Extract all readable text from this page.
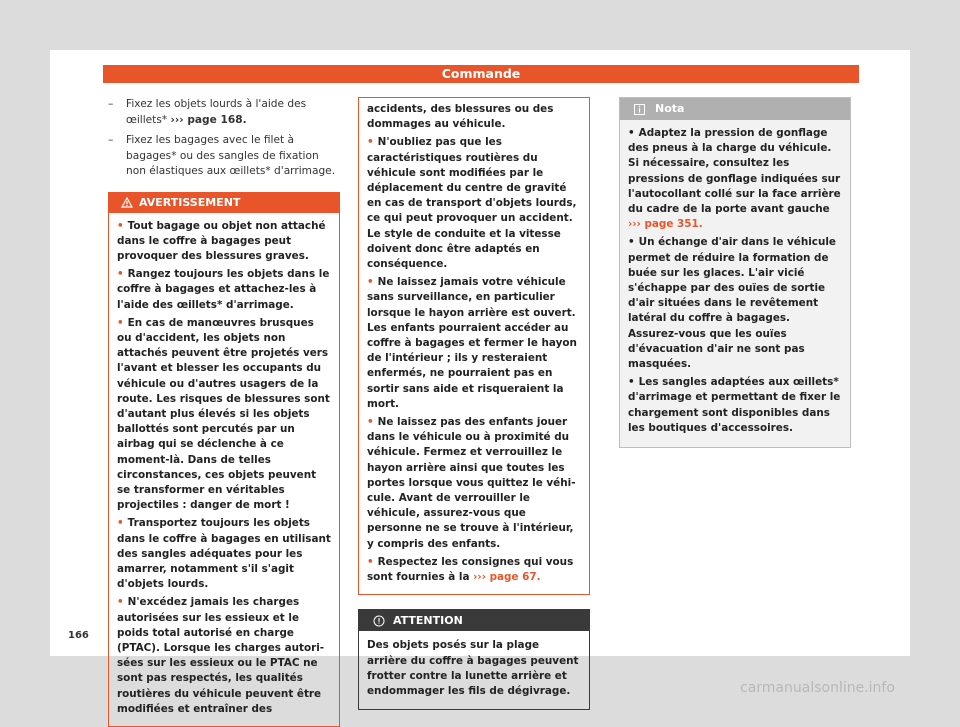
Commande
– Fixez les objets lourds à l'aide des œillets* ››› page 168.
– Fixez les bagages avec le filet à bagages* ou des sangles de fixation non élastiques aux œillets* d'arrimage.
AVERTISSEMENT

• Tout bagage ou objet non attaché dans le coffre à bagages peut provoquer des blessures graves.

• Rangez toujours les objets dans le coffre à bagages et attachez-les à l'aide des œillets* d'arrimage.

• En cas de manœuvres brusques ou d'accident, les objets non attachés peuvent être projetés vers l'avant et blesser les occupants du véhicule ou d'autres usagers de la route. Les risques de blessures sont d'autant plus élevés si les objets ballottés sont percutés par un airbag qui se déclenche à ce moment-là. Dans de telles circonstances, ces objets peuvent se transformer en véritables projectiles : danger de mort !

• Transportez toujours les objets dans le coffre à bagages en utilisant des sangles adéquates pour les amarrer, notamment s'il s'agit d'objets lourds.

• N'excédez jamais les charges autorisées sur les essieux et le poids total autorisé en charge (PTAC). Lorsque les charges autorisées sur les essieux ou le PTAC ne sont pas respectés, les qualités routières du véhicule peuvent être modifiées et entraîner des

accidents, des blessures ou des dommages au véhicule.

• N'oubliez pas que les caractéristiques routières du véhicule sont modifiées par le déplacement du centre de gravité en cas de transport d'objets lourds, ce qui peut provoquer un accident. Le style de conduite et la vitesse doivent donc être adaptés en conséquence.

• Ne laissez jamais votre véhicule sans surveillance, en particulier lorsque le hayon arrière est ouvert. Les enfants pourraient accéder au coffre à bagages et fermer le hayon de l'intérieur ; ils y resteraient enfermés, ne pourraient pas en sortir sans aide et risqueraient la mort.

• Ne laissez pas des enfants jouer dans le véhicule ou à proximité du véhicule. Fermez et verrouillez le hayon arrière ainsi que toutes les portes lorsque vous quittez le véhicule. Avant de verrouiller le véhicule, assurez-vous que personne ne se trouve à l'intérieur, y compris des enfants.

• Respectez les consignes qui vous sont fournies à la ››› page 67.

ATTENTION

Des objets posés sur la plage arrière du coffre à bagages peuvent frotter contre la lunette arrière et endommager les fils de dégivrage.

Nota

• Adaptez la pression de gonflage des pneus à la charge du véhicule. Si nécessaire, consultez les pressions de gonflage indiquées sur l'autocollant collé sur la face arrière du cadre de la porte avant gauche ››› page 351.

• Un échange d'air dans le véhicule permet de réduire la formation de buée sur les glaces. L'air vicié s'échappe par des ouïes de sortie d'air situées dans le revêtement latéral du coffre à bagages. Assurez-vous que les ouïes d'évacuation d'air ne sont pas masquées.

• Les sangles adaptées aux œillets* d'arrimage et permettant de fixer le chargement sont disponibles dans les boutiques d'accessoires.

166
carmanualsonline.info
